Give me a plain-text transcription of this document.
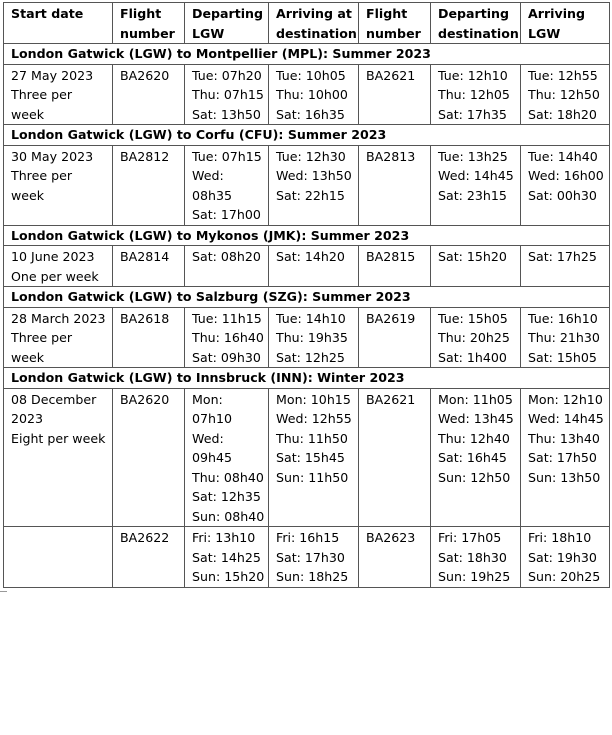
Start date	Flight number	Departing LGW	Arriving at destination	Flight number	Departing destination	Arriving LGW
London Gatwick (LGW) to Montpellier (MPL): Summer 2023						

27 May 2023
Three per week	BA2620	Tue: 07h20
Thu: 07h15
Sat: 13h50	Tue: 10h05
Thu: 10h00
Sat: 16h35	BA2621	Tue: 12h10
Thu: 12h05
Sat: 17h35	Tue: 12h55
Thu: 12h50
Sat: 18h20

London Gatwick (LGW) to Corfu (CFU): Summer 2023						

30 May 2023
Three per week	BA2812	Tue: 07h15
Wed: 08h35
Sat: 17h00	Tue: 12h30
Wed: 13h50
Sat: 22h15	BA2813	Tue: 13h25
Wed: 14h45
Sat: 23h15	Tue: 14h40
Wed: 16h00
Sat: 00h30

London Gatwick (LGW) to Mykonos (JMK): Summer 2023						

10 June 2023
One per week	BA2814	Sat: 08h20	Sat: 14h20	BA2815	Sat: 15h20	Sat: 17h25

London Gatwick (LGW) to Salzburg (SZG): Summer 2023						

28 March 2023
Three per week	BA2618	Tue: 11h15
Thu: 16h40
Sat: 09h30	Tue: 14h10
Thu: 19h35
Sat: 12h25	BA2619	Tue: 15h05
Thu: 20h25
Sat: 1h400	Tue: 16h10
Thu: 21h30
Sat: 15h05

London Gatwick (LGW) to Innsbruck (INN): Winter 2023						

08 December 2023
Eight per week	BA2620	Mon: 07h10
Wed: 09h45
Thu: 08h40
Sat: 12h35
Sun: 08h40	Mon: 10h15
Wed: 12h55
Thu: 11h50
Sat: 15h45
Sun: 11h50	BA2621	Mon: 11h05
Wed: 13h45
Thu: 12h40
Sat: 16h45
Sun: 12h50	Mon: 12h10
Wed: 14h45
Thu: 13h40
Sat: 17h50
Sun: 13h50

	BA2622	Fri: 13h10
Sat: 14h25
Sun: 15h20	Fri: 16h15
Sat: 17h30
Sun: 18h25	BA2623	Fri: 17h05
Sat: 18h30
Sun: 19h25	Fri: 18h10
Sat: 19h30
Sun: 20h25
